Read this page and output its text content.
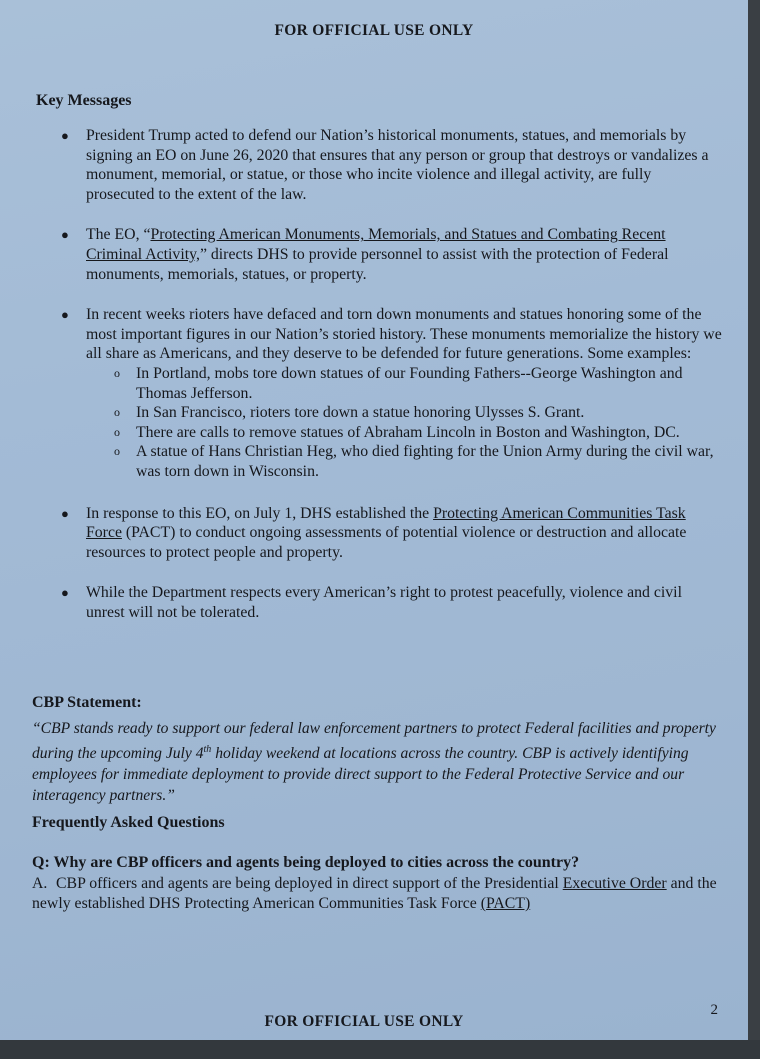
FOR OFFICIAL USE ONLY
Key Messages
● President Trump acted to defend our Nation’s historical monuments, statues, and memorials by signing an EO on June 26, 2020 that ensures that any person or group that destroys or vandalizes a monument, memorial, or statue, or those who incite violence and illegal activity, are fully prosecuted to the extent of the law.
● The EO, “Protecting American Monuments, Memorials, and Statues and Combating Recent Criminal Activity,” directs DHS to provide personnel to assist with the protection of Federal monuments, memorials, statues, or property.
● In recent weeks rioters have defaced and torn down monuments and statues honoring some of the most important figures in our Nation’s storied history. These monuments memorialize the history we all share as Americans, and they deserve to be defended for future generations. Some examples:
o In Portland, mobs tore down statues of our Founding Fathers--George Washington and Thomas Jefferson.
o In San Francisco, rioters tore down a statue honoring Ulysses S. Grant.
o There are calls to remove statues of Abraham Lincoln in Boston and Washington, DC.
o A statue of Hans Christian Heg, who died fighting for the Union Army during the civil war, was torn down in Wisconsin.
● In response to this EO, on July 1, DHS established the Protecting American Communities Task Force (PACT) to conduct ongoing assessments of potential violence or destruction and allocate resources to protect people and property.
● While the Department respects every American’s right to protest peacefully, violence and civil unrest will not be tolerated.
CBP Statement:
“CBP stands ready to support our federal law enforcement partners to protect Federal facilities and property during the upcoming July 4th holiday weekend at locations across the country. CBP is actively identifying employees for immediate deployment to provide direct support to the Federal Protective Service and our interagency partners.”
Frequently Asked Questions
Q: Why are CBP officers and agents being deployed to cities across the country?
A. CBP officers and agents are being deployed in direct support of the Presidential Executive Order and the newly established DHS Protecting American Communities Task Force (PACT)
2
FOR OFFICIAL USE ONLY
